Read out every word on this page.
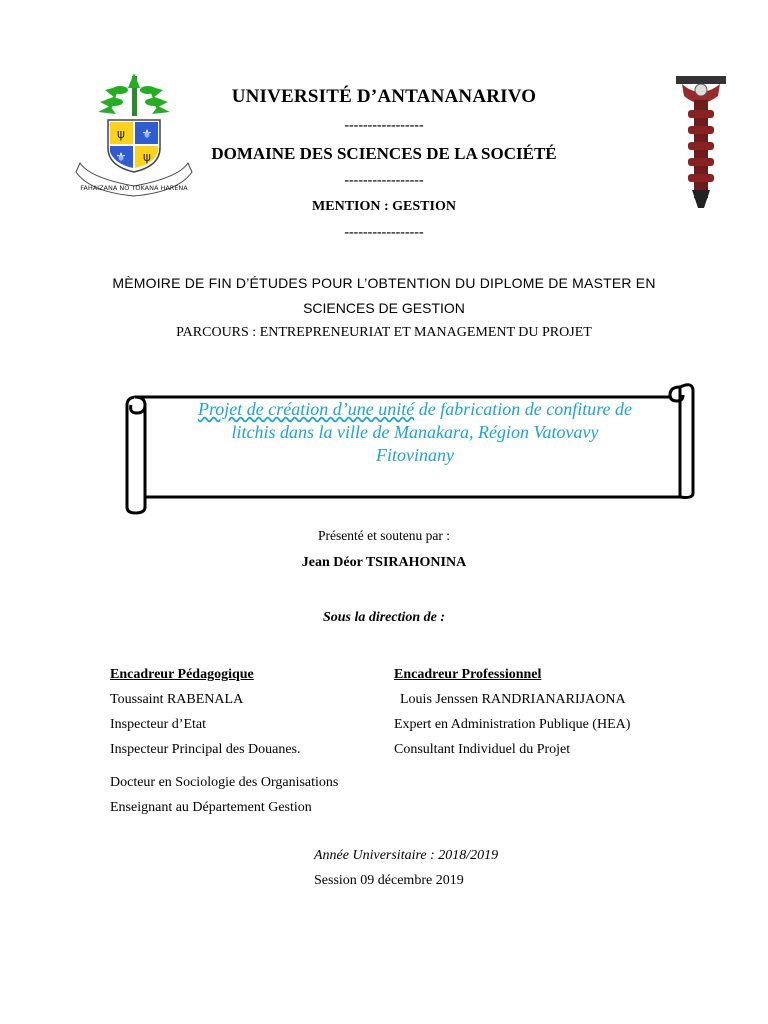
ψ ⚜
⚜ ψ
FAHAIZANA NO TOKANA HARENA
UNIVERSITÉ D’ANTANANARIVO
-----------------
DOMAINE DES SCIENCES DE LA SOCIÉTÉ
-----------------
MENTION : GESTION
-----------------
MÈMOIRE DE FIN D’ÉTUDES POUR L’OBTENTION DU DIPLOME DE MASTER EN
SCIENCES DE GESTION
PARCOURS : ENTREPRENEURIAT ET MANAGEMENT DU PROJET
Projet de création d’une unité de fabrication de confiture de
litchis dans la ville de Manakara, Région Vatovavy
Fitovinany
Présenté et soutenu par :
Jean Déor TSIRAHONINA
Sous la direction de :
Encadreur Pédagogique
Toussaint RABENALA
Inspecteur d’Etat
Inspecteur Principal des Douanes.
Docteur en Sociologie des Organisations
Enseignant au Département Gestion
Encadreur Professionnel
Louis Jenssen RANDRIANARIJAONA
Expert en Administration Publique (HEA)
Consultant Individuel du Projet
Année Universitaire : 2018/2019
Session 09 décembre 2019
